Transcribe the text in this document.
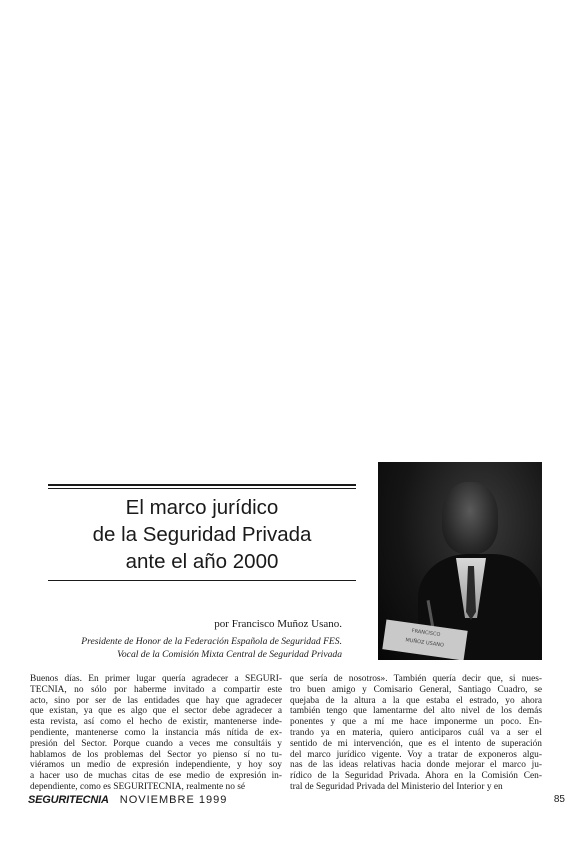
El marco jurídico
de la Seguridad Privada
ante el año 2000
por Francisco Muñoz Usano.
Presidente de Honor de la Federación Española de Seguridad FES.
Vocal de la Comisión Mixta Central de Seguridad Privada
FRANCISCO
MUÑOZ USANO
Buenos días. En primer lugar quería agradecer a SEGURI-
TECNIA, no sólo por haberme invitado a compartir este
acto, sino por ser de las entidades que hay que agradecer
que existan, ya que es algo que el sector debe agradecer a
esta revista, así como el hecho de existir, mantenerse inde-
pendiente, mantenerse como la instancia más nítida de ex-
presión del Sector. Porque cuando a veces me consultáis y
hablamos de los problemas del Sector yo pienso sí no tu-
viéramos un medio de expresión independiente, y hoy soy
a hacer uso de muchas citas de ese medio de expresión in-
dependiente, como es SEGURITECNIA, realmente no sé
que sería de nosotros». También quería decir que, si nues-
tro buen amigo y Comisario General, Santiago Cuadro, se
quejaba de la altura a la que estaba el estrado, yo ahora
también tengo que lamentarme del alto nivel de los demás
ponentes y que a mí me hace imponerme un poco. En-
trando ya en materia, quiero anticiparos cuál va a ser el
sentido de mi intervención, que es el intento de superación
del marco jurídico vigente. Voy a tratar de exponeros algu-
nas de las ideas relativas hacia donde mejorar el marco ju-
rídico de la Seguridad Privada. Ahora en la Comisión Cen-
tral de Seguridad Privada del Ministerio del Interior y en
SEGURITECNIA NOVIEMBRE 1999	85
